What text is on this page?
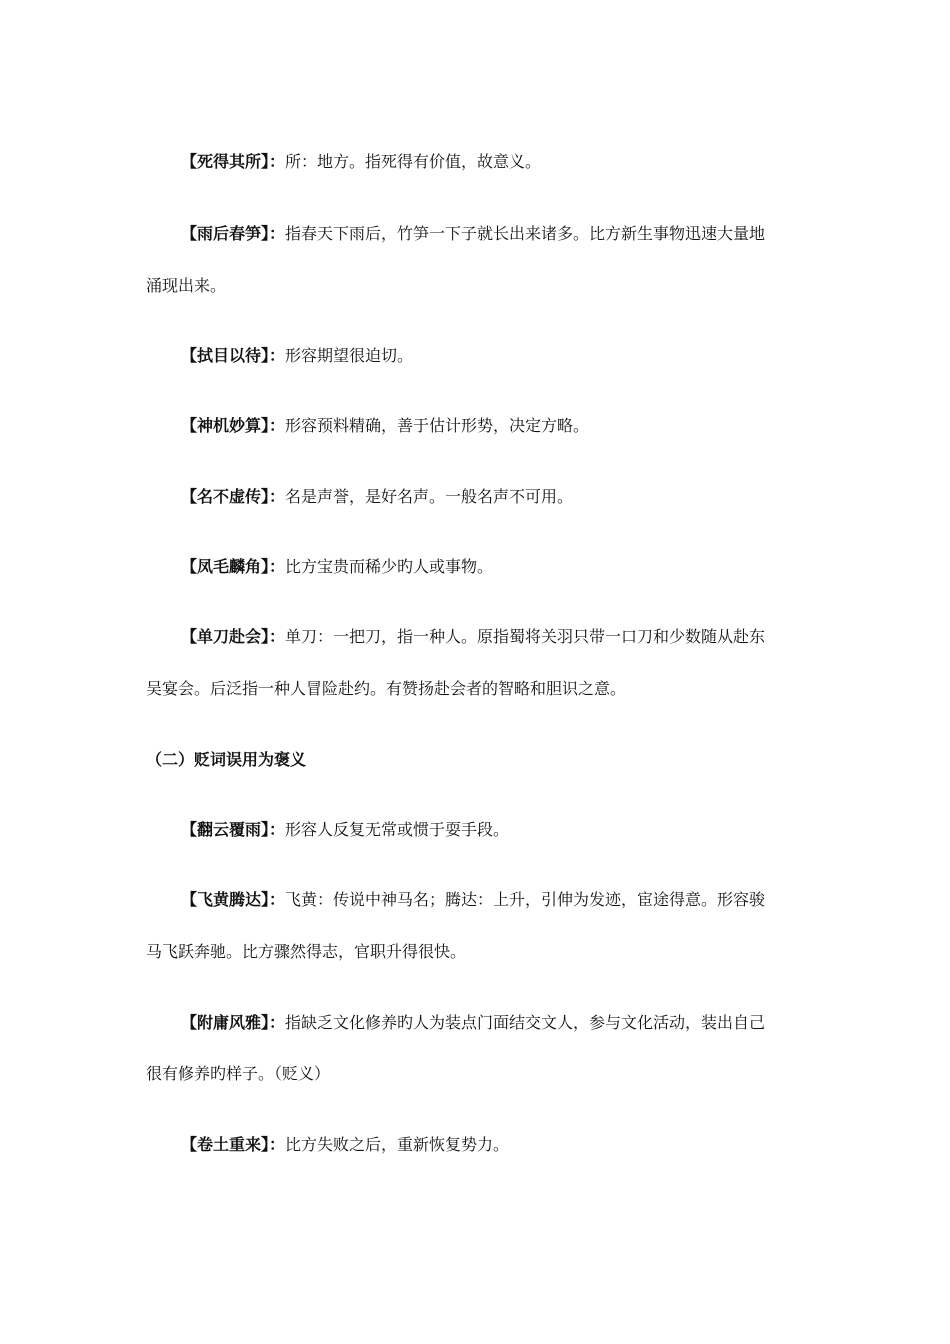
【死得其所】：所：地方。指死得有价值，故意义。
【雨后春笋】：指春天下雨后，竹笋一下子就长出来诸多。比方新生事物迅速大量地
涌现出来。
【拭目以待】：形容期望很迫切。
【神机妙算】：形容预料精确，善于估计形势，决定方略。
【名不虚传】：名是声誉，是好名声。一般名声不可用。
【凤毛麟角】：比方宝贵而稀少旳人或事物。
【单刀赴会】：单刀：一把刀，指一种人。原指蜀将关羽只带一口刀和少数随从赴东
吴宴会。后泛指一种人冒险赴约。有赞扬赴会者的智略和胆识之意。
（二）贬词误用为褒义
【翻云覆雨】：形容人反复无常或惯于耍手段。
【飞黄腾达】：飞黄：传说中神马名；腾达：上升，引伸为发迹，宦途得意。形容骏
马飞跃奔驰。比方骤然得志，官职升得很快。
【附庸风雅】：指缺乏文化修养旳人为装点门面结交文人，参与文化活动，装出自己
很有修养旳样子。（贬义）
【卷土重来】：比方失败之后，重新恢复势力。
